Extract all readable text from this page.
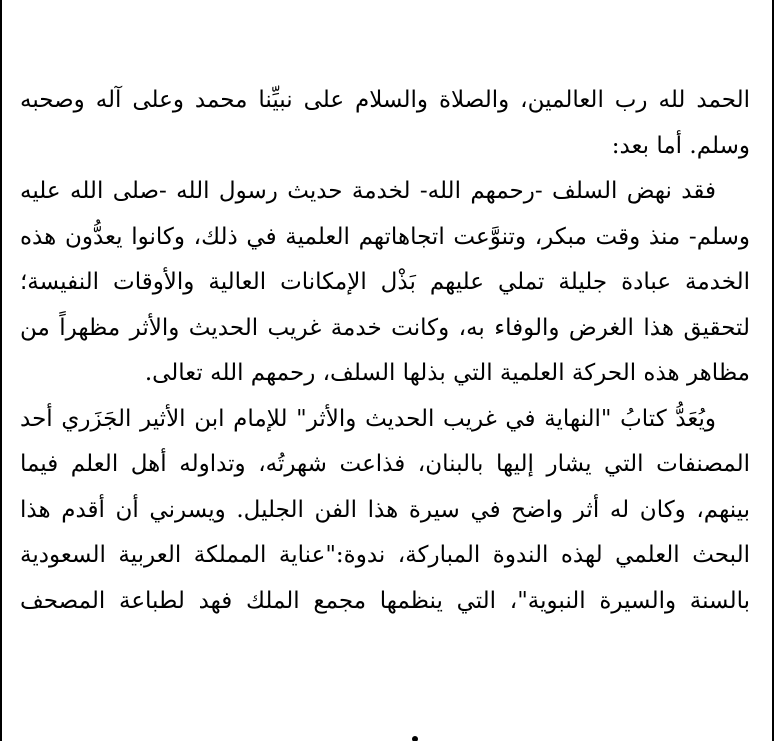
الحمد لله رب العالمين، والصلاة والسلام على نبيِّنا محمد وعلى آله وصحبه وسلم. أما بعد:

فقد نهض السلف -رحمهم الله- لخدمة حديث رسول الله -صلى الله عليه وسلم- منذ وقت مبكر، وتنوَّعت اتجاهاتهم العلمية في ذلك، وكانوا يعدُّون هذه الخدمة عبادة جليلة تملي عليهم بَذْل الإمكانات العالية والأوقات النفيسة؛ لتحقيق هذا الغرض والوفاء به، وكانت خدمة غريب الحديث والأثر مظهراً من مظاهر هذه الحركة العلمية التي بذلها السلف، رحمهم الله تعالى.

ويُعَدُّ كتابُ "النهاية في غريب الحديث والأثر" للإمام ابن الأثير الجَزَري أحد المصنفات التي يشار إليها بالبنان، فذاعت شهرتُه، وتداوله أهل العلم فيما بينهم، وكان له أثر واضح في سيرة هذا الفن الجليل. ويسرني أن أقدم هذا البحث العلمي لهذه الندوة المباركة، ندوة:"عناية المملكة العربية السعودية بالسنة والسيرة النبوية"، التي ينظمها مجمع الملك فهد لطباعة المصحف
